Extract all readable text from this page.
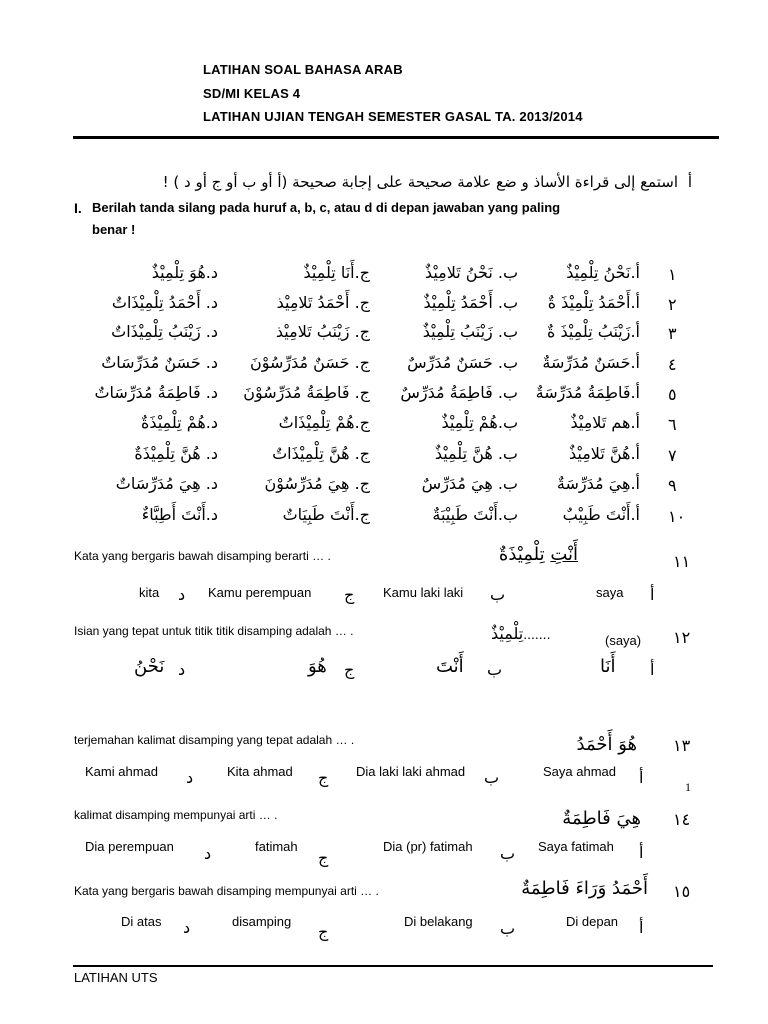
LATIHAN SOAL BAHASA ARAB
SD/MI KELAS 4
LATIHAN UJIAN TENGAH SEMESTER GASAL TA. 2013/2014
استمع إلى قراءة الأساذ و ضع علامة صحيحة على إجابة صحيحة (أ أو ب أو ج أو د ) ! أ
I. Berilah tanda silang pada huruf a, b, c, atau d di depan jawaban yang paling
benar !
١
أ.نَحْنُ تِلْمِيْذٌ
ب. نَحْنُ تَلامِيْذٌ
ج.أَنَا تِلْمِيْذٌ
د.هُوَ تِلْمِيْذٌ
٢
أ.أَحْمَدُ تِلْمِيْذَ ةٌ
ب. أَحْمَدُ تِلْمِيْذٌ
ج. أَحْمَدُ تَلامِيْذ
د. أَحْمَدُ تِلْمِيْذَاتٌ
٣
أ.زَيْنَبُ تِلْمِيْذَ ةٌ
ب. زَيْنَبُ تِلْمِيْذٌ
ج. زَيْنَبُ تَلامِيْذ
د. زَيْنَبُ تِلْمِيْذَاتٌ
٤
أ.حَسَنٌ مُدَرِّسَةٌ
ب. حَسَنٌ مُدَرِّسٌ
ج. حَسَنٌ مُدَرِّسُوْنَ
د. حَسَنٌ مُدَرِّسَاتٌ
٥
أ.فَاطِمَةُ مُدَرِّسَةٌ
ب. فَاطِمَةُ مُدَرِّسٌ
ج. فَاطِمَةُ مُدَرِّسُوْنَ
د. فَاطِمَةُ مُدَرِّسَاتٌ
٦
أ.هم تَلامِيْذٌ
ب.هُمْ تِلْمِيْذٌ
ج.هُمْ تِلْمِيْذَاتٌ
د.هُمْ تِلْمِيْذَةٌ
٧
أ.هُنَّ تَلامِيْذٌ
ب. هُنَّ تِلْمِيْذٌ
ج. هُنَّ تِلْمِيْذَاتٌ
د. هُنَّ تِلْمِيْذَةٌ
٩
أ.هِيَ مُدَرِّسَةٌ
ب. هِيَ مُدَرِّسٌ
ج. هِيَ مُدَرِّسُوْنَ
د. هِيَ مُدَرِّسَاتٌ
١٠
أ.أَنْتَ طَبِيْبٌ
ب.أَنْتَ طَبِيْبَةٌ
ج.أَنْتَ طَبِيَاتٌ
د.أَنْتَ أَطِبَّاءٌ
Kata yang bergaris bawah disamping berarti … .	أَنْتِ تِلْمِيْذَةٌ	١١
kita د Kamu perempuan ج Kamu laki laki ب	saya أ
Isian yang tepat untuk titik titik disamping adalah … .	تِلْمِيْذٌ.......	(saya) ١٢
أ
أَنَا
ب
أَنْتَ
ج
هُوَ
د
نَحْنُ
terjemahan kalimat disamping yang tepat adalah … .	هُوَ أَحْمَدُ ١٣
Kami ahmad د	Kita ahmad ج Dia laki laki ahmad ب	Saya ahmad أ	1
kalimat disamping mempunyai arti … .	هِيَ فَاطِمَةٌ ١٤
Dia perempuan د	fatimah
ج
Dia (pr) fatimah ب Saya fatimah أ
Kata yang bergaris bawah disamping mempunyai arti … .	أَحْمَدُ وَرَاءَ فَاطِمَةٌ ١٥
Di atas د	disamping
ج
Di belakang ب	Di depan أ
LATIHAN UTS
